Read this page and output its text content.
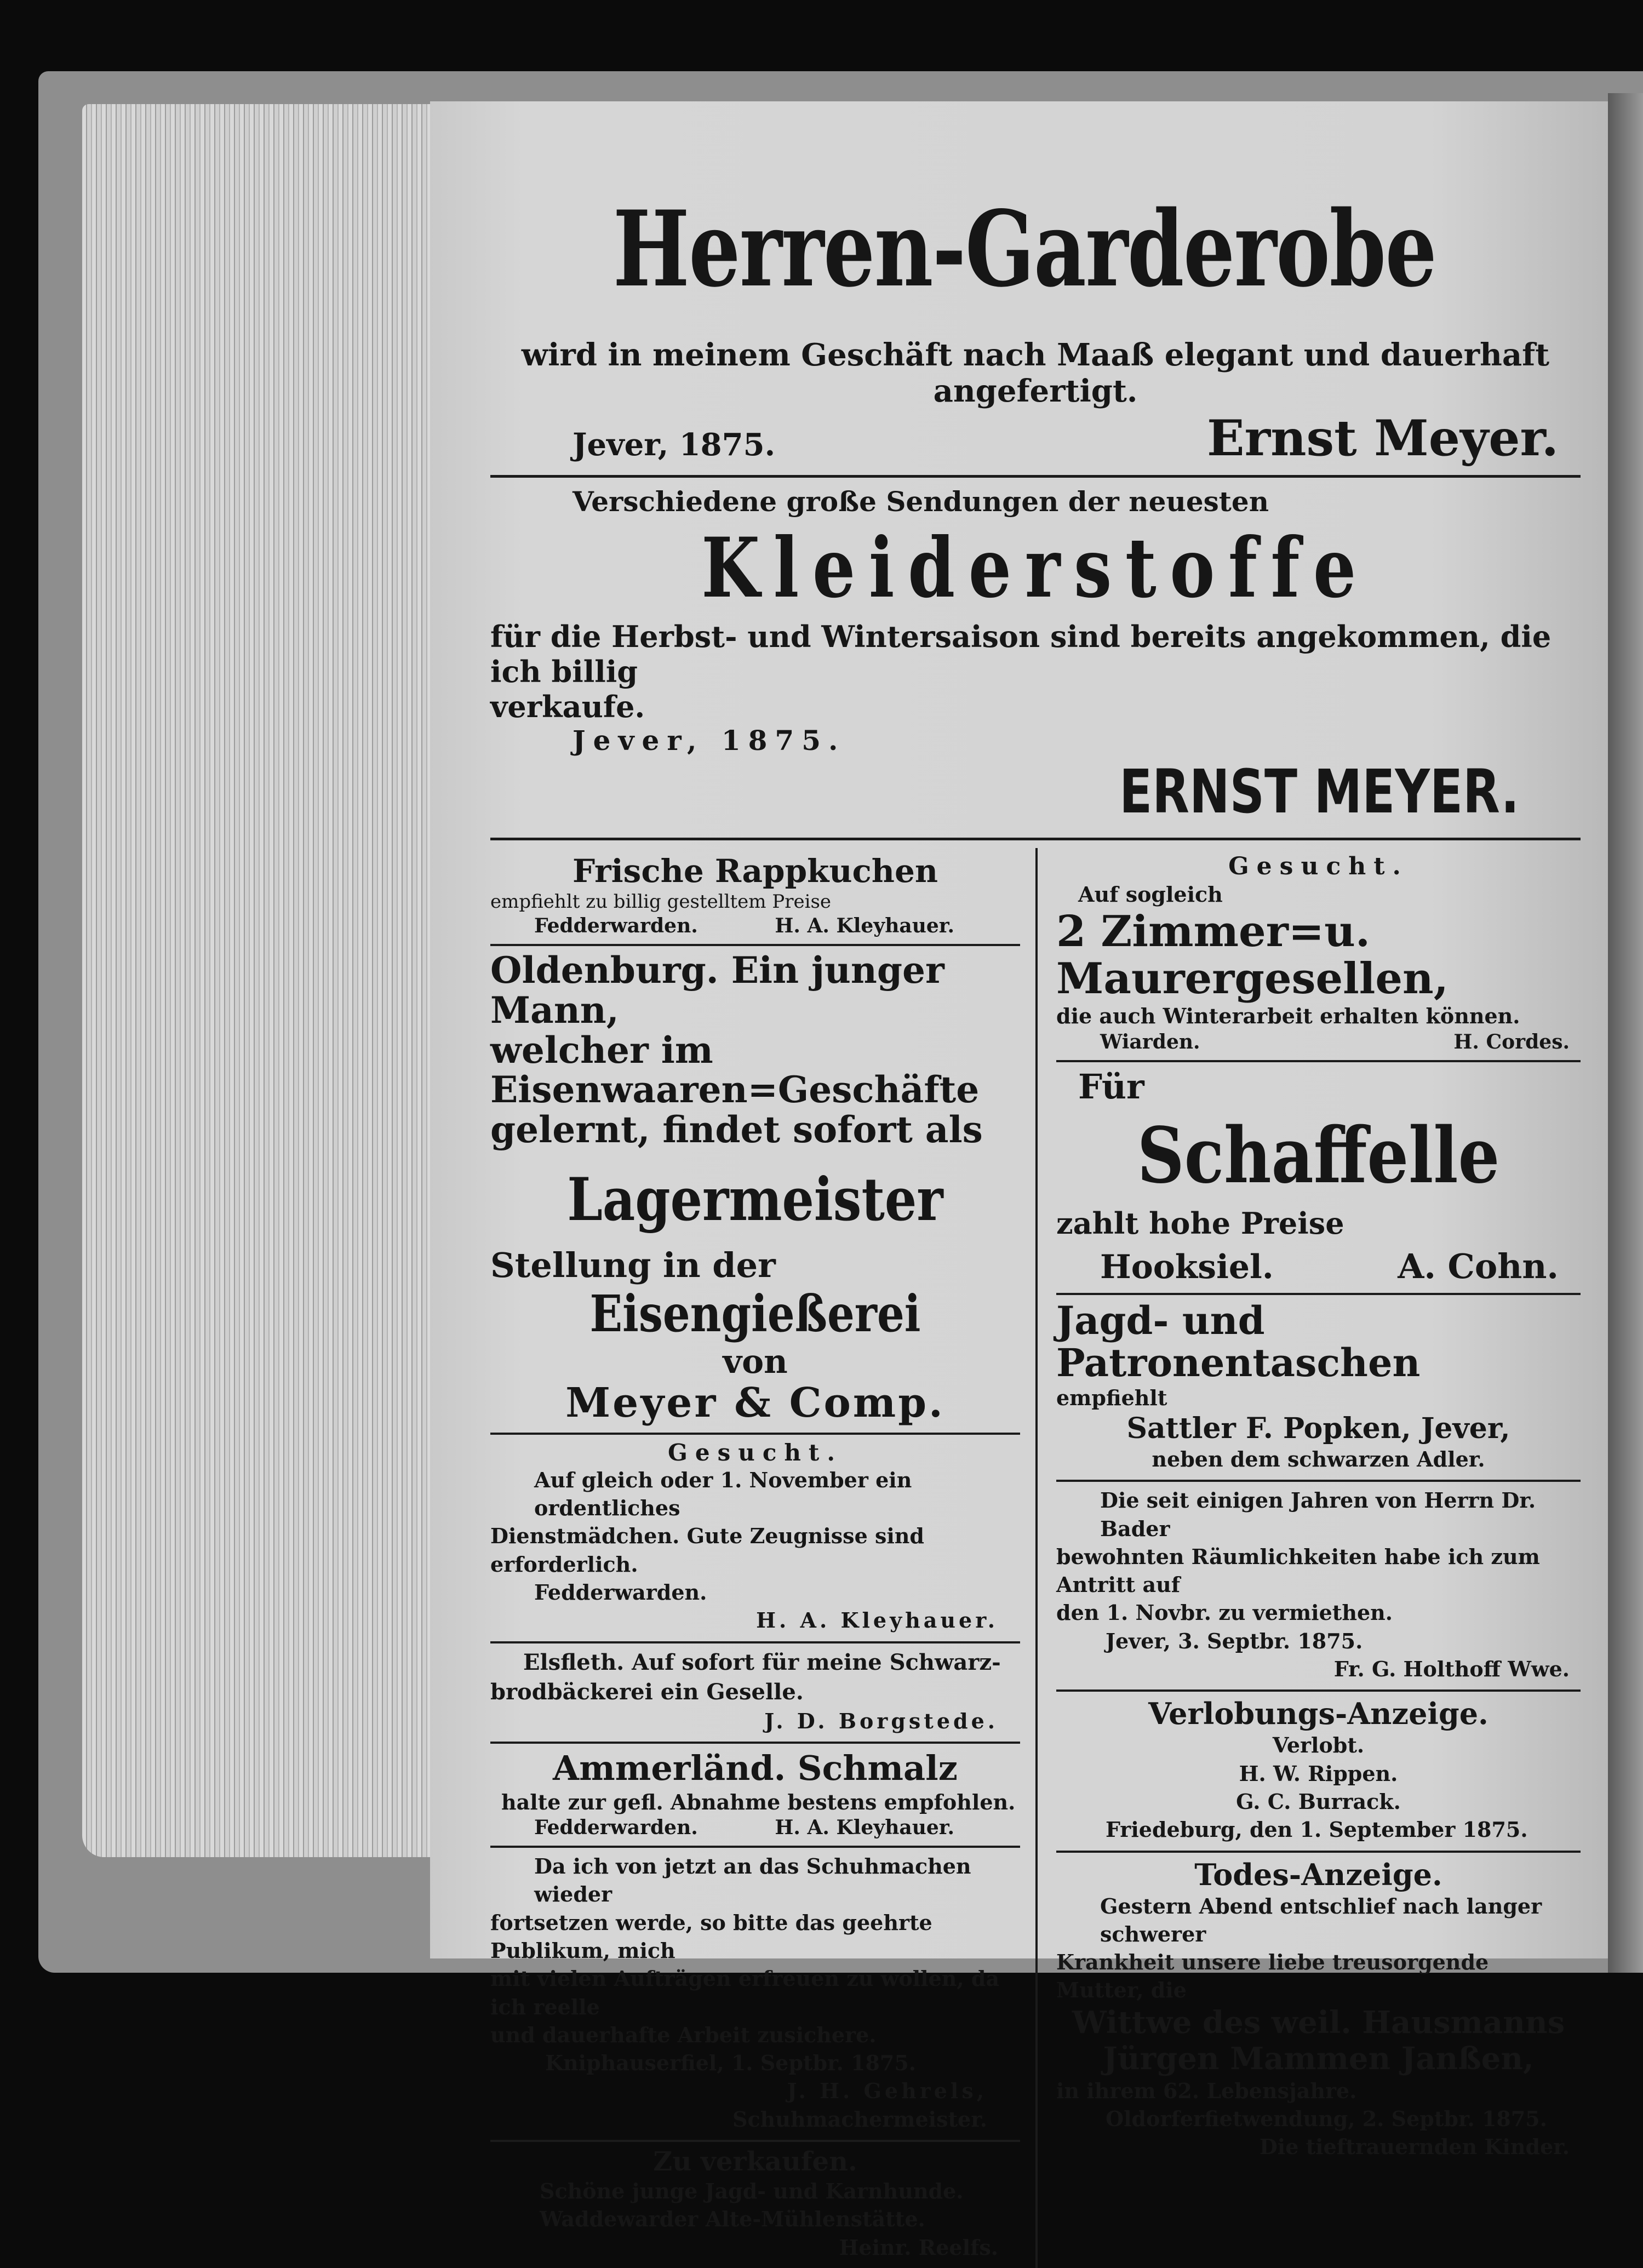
Herren-Garderobe
wird in meinem Geschäft nach Maaß elegant und dauerhaft angefertigt.
Jever, 1875.	Ernst Meyer.
Verschiedene große Sendungen der neuesten
Kleiderstoffe
für die Herbst- und Wintersaison sind bereits angekommen, die ich billig
verkaufe.
Jever, 1875.
ERNST MEYER.
Frische Rappkuchen
empfiehlt zu billig gestelltem Preise
Fedderwarden.	H. A. Kleyhauer.
Oldenburg. Ein junger Mann,
welcher im Eisenwaaren=Geschäfte
gelernt, findet sofort als
Lagermeister
Stellung in der
Eisengießerei
von
Meyer & Comp.
Gesucht.
Auf gleich oder 1. November ein ordentliches
Dienstmädchen. Gute Zeugnisse sind erforderlich.
Fedderwarden.
H. A. Kleyhauer.
Elsfleth. Auf sofort für meine Schwarz-
brodbäckerei ein Geselle.
J. D. Borgstede.
Ammerländ. Schmalz
halte zur gefl. Abnahme bestens empfohlen.
Fedderwarden.	H. A. Kleyhauer.
Da ich von jetzt an das Schuhmachen wieder
fortsetzen werde, so bitte das geehrte Publikum, mich
mit vielen Aufträgen erfreuen zu wollen, da ich reelle
und dauerhafte Arbeit zusichere.
Kniphauserfiel, 1. Septbr. 1875.
J. H. Gehrels,
Schuhmachermeister.
Zu verkaufen.
Schöne junge Jagd- und Karnhunde.
Waddewarder Alte-Mühlenstätte.
Heinr. Reelfs.
Gesucht.
Auf sogleich
2 Zimmer=u. Maurergesellen,
die auch Winterarbeit erhalten können.
Wiarden.	H. Cordes.
Für
Schaffelle
zahlt hohe Preise
Hooksiel.	A. Cohn.
Jagd- und Patronentaschen
empfiehlt
Sattler F. Popken, Jever,
neben dem schwarzen Adler.
Die seit einigen Jahren von Herrn Dr. Bader
bewohnten Räumlichkeiten habe ich zum Antritt auf
den 1. Novbr. zu vermiethen.
Jever, 3. Septbr. 1875.
Fr. G. Holthoff Wwe.
Verlobungs-Anzeige.
Verlobt.
H. W. Rippen.
G. C. Burrack.
Friedeburg, den 1. September 1875.
Todes-Anzeige.
Gestern Abend entschlief nach langer schwerer
Krankheit unsere liebe treusorgende Mutter, die
Wittwe des weil. Hausmanns
Jürgen Mammen Janßen,
in ihrem 62. Lebensjahre.
Oldorferfietwendung, 2. Septbr. 1875.
Die tieftrauernden Kinder.
